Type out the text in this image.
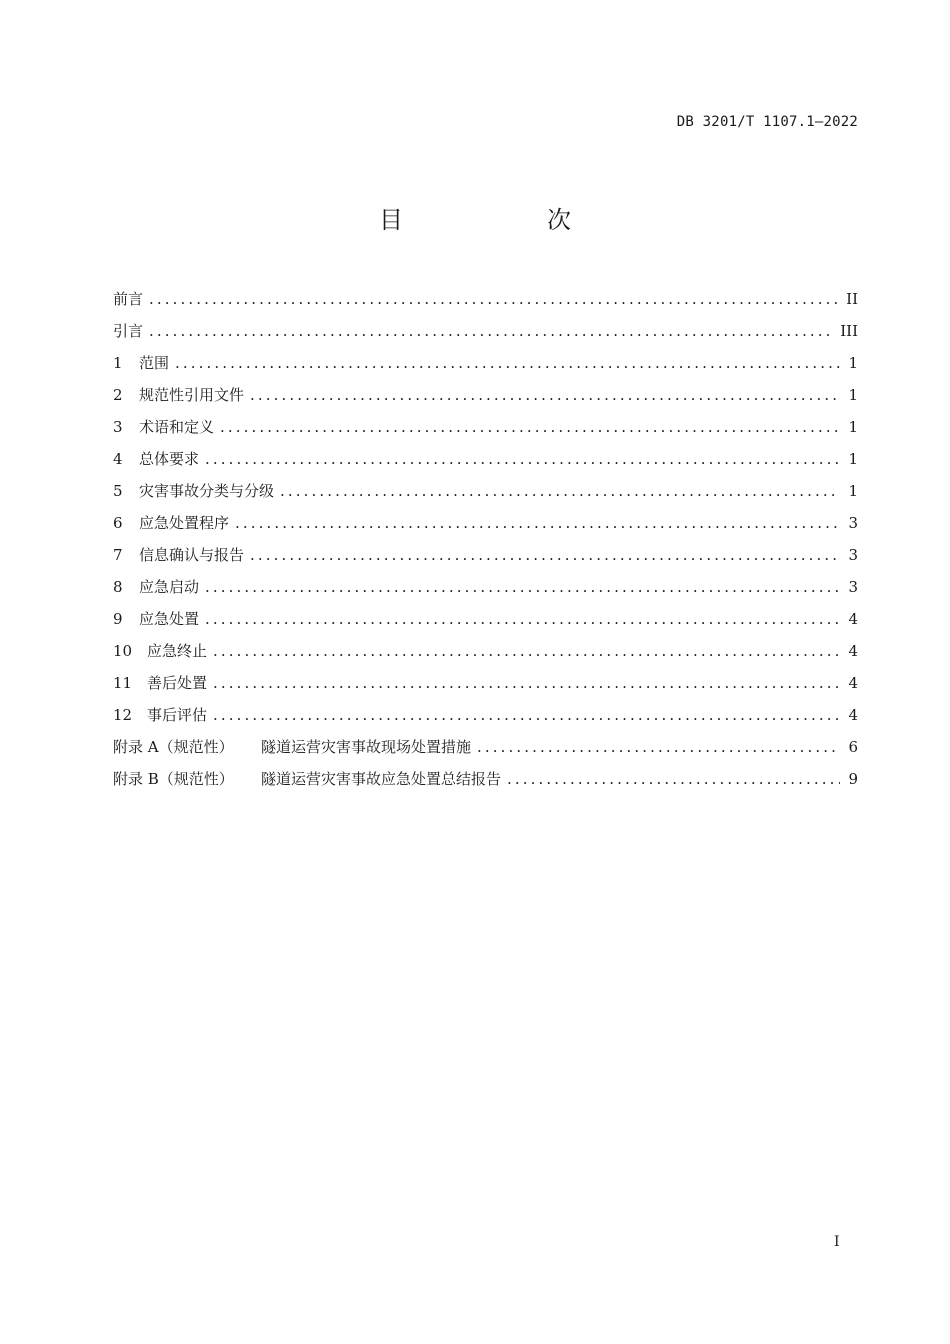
DB 3201/T 1107.1—2022
目　次
前言 .....	II
引言 .....	III
1	范围 .....	1
2	规范性引用文件 .....	1
3	术语和定义 .....	1
4	总体要求 .....	1
5	灾害事故分类与分级 .....	1
6	应急处置程序 .....	3
7	信息确认与报告 .....	3
8	应急启动 .....	3
9	应急处置 .....	4
10 应急终止 .....	4
11 善后处置 .....	4
12 事后评估 .....	4
附录 A（规范性）	隧道运营灾害事故现场处置措施 .....	6
附录 B（规范性）	隧道运营灾害事故应急处置总结报告 .....	9
I
